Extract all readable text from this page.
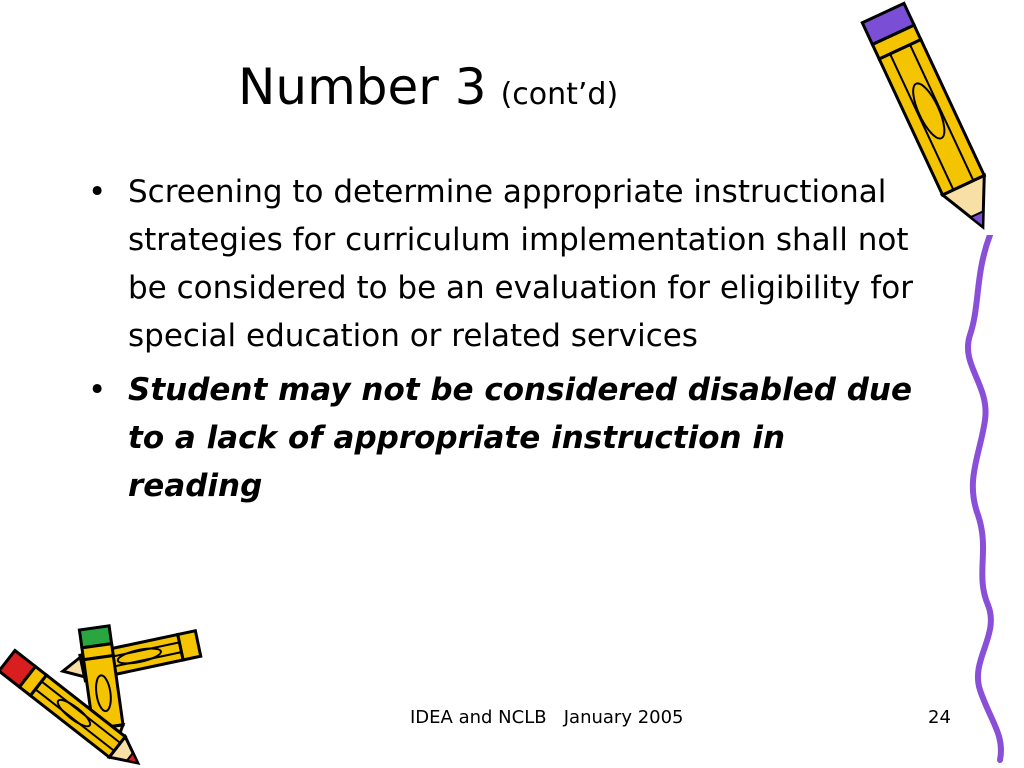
Number 3 (cont’d)
• Screening to determine appropriate instructional strategies for curriculum implementation shall not be considered to be an evaluation for eligibility for special education or related services
• Student may not be considered disabled due to a lack of appropriate instruction in reading
IDEA and NCLB   January 2005	24
